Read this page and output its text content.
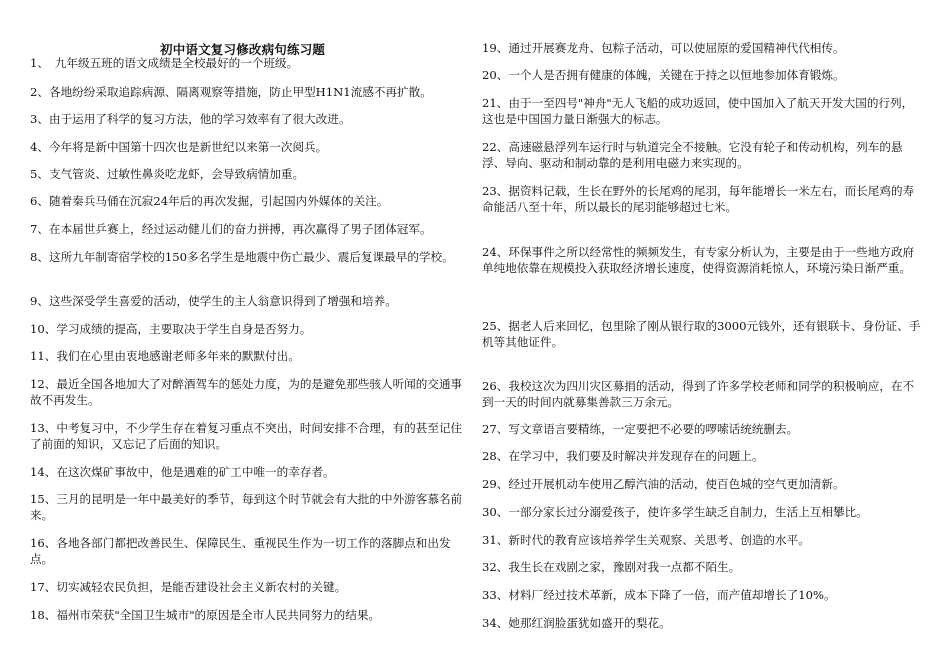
初中语文复习修改病句练习题

1、　九年级五班的语文成绩是全校最好的一个班级。

2、各地纷纷采取追踪病源、隔离观察等措施，防止甲型H1N1流感不再扩散。

3、由于运用了科学的复习方法，他的学习效率有了很大改进。

4、今年将是新中国第十四次也是新世纪以来第一次阅兵。

5、支气管炎、过敏性鼻炎吃龙虾，会导致病情加重。

6、随着秦兵马俑在沉寂24年后的再次发掘，引起国内外媒体的关注。

7、在本届世乒赛上，经过运动健儿们的奋力拼搏，再次赢得了男子团体冠军。

8、这所九年制寄宿学校的150多名学生是地震中伤亡最少、震后复课最早的学校。

9、这些深受学生喜爱的活动，使学生的主人翁意识得到了增强和培养。

10、学习成绩的提高，主要取决于学生自身是否努力。

11、我们在心里由衷地感谢老师多年来的默默付出。

12、最近全国各地加大了对醉酒驾车的惩处力度，为的是避免那些骇人听闻的交通事故不再发生。

13、中考复习中，不少学生存在着复习重点不突出，时间安排不合理，有的甚至记住了前面的知识，又忘记了后面的知识。

14、在这次煤矿事故中，他是遇难的矿工中唯一的幸存者。

15、三月的昆明是一年中最美好的季节，每到这个时节就会有大批的中外游客慕名前来。

16、各地各部门都把改善民生、保障民生、重视民生作为一切工作的落脚点和出发点。

17、切实减轻农民负担，是能否建设社会主义新农村的关键。

18、福州市荣获"全国卫生城市"的原因是全市人民共同努力的结果。

19、通过开展赛龙舟、包粽子活动，可以使屈原的爱国精神代代相传。

20、一个人是否拥有健康的体魄，关键在于持之以恒地参加体育锻炼。

21、由于一至四号"神舟"无人飞船的成功返回，使中国加入了航天开发大国的行列，这也是中国国力量日渐强大的标志。

22、高速磁悬浮列车运行时与轨道完全不接触。它没有轮子和传动机构，列车的悬浮、导向、驱动和制动靠的是利用电磁力来实现的。

23、据资料记载，生长在野外的长尾鸡的尾羽，每年能增长一米左右，而长尾鸡的寿命能活八至十年，所以最长的尾羽能够超过七米。

24、环保事件之所以经常性的频频发生，有专家分析认为，主要是由于一些地方政府单纯地依靠在规模投入获取经济增长速度，使得资源消耗惊人，环境污染日渐严重。

25、据老人后来回忆，包里除了刚从银行取的3000元钱外，还有银联卡、身份证、手机等其他证件。

26、我校这次为四川灾区募捐的活动，得到了许多学校老师和同学的积极响应，在不到一天的时间内就募集善款三万余元。

27、写文章语言要精练，一定要把不必要的啰嗦话统统删去。

28、在学习中，我们要及时解决并发现存在的问题上。

29、经过开展机动车使用乙醇汽油的活动，使百色城的空气更加清新。

30、一部分家长过分溺爱孩子，使许多学生缺乏自制力，生活上互相攀比。

31、新时代的教育应该培养学生关观察、关思考、创造的水平。

32、我生长在戏剧之家，豫剧对我一点都不陌生。

33、材料厂经过技术革新，成本下降了一倍，而产值却增长了10%。

34、她那红润脸蛋犹如盛开的梨花。
